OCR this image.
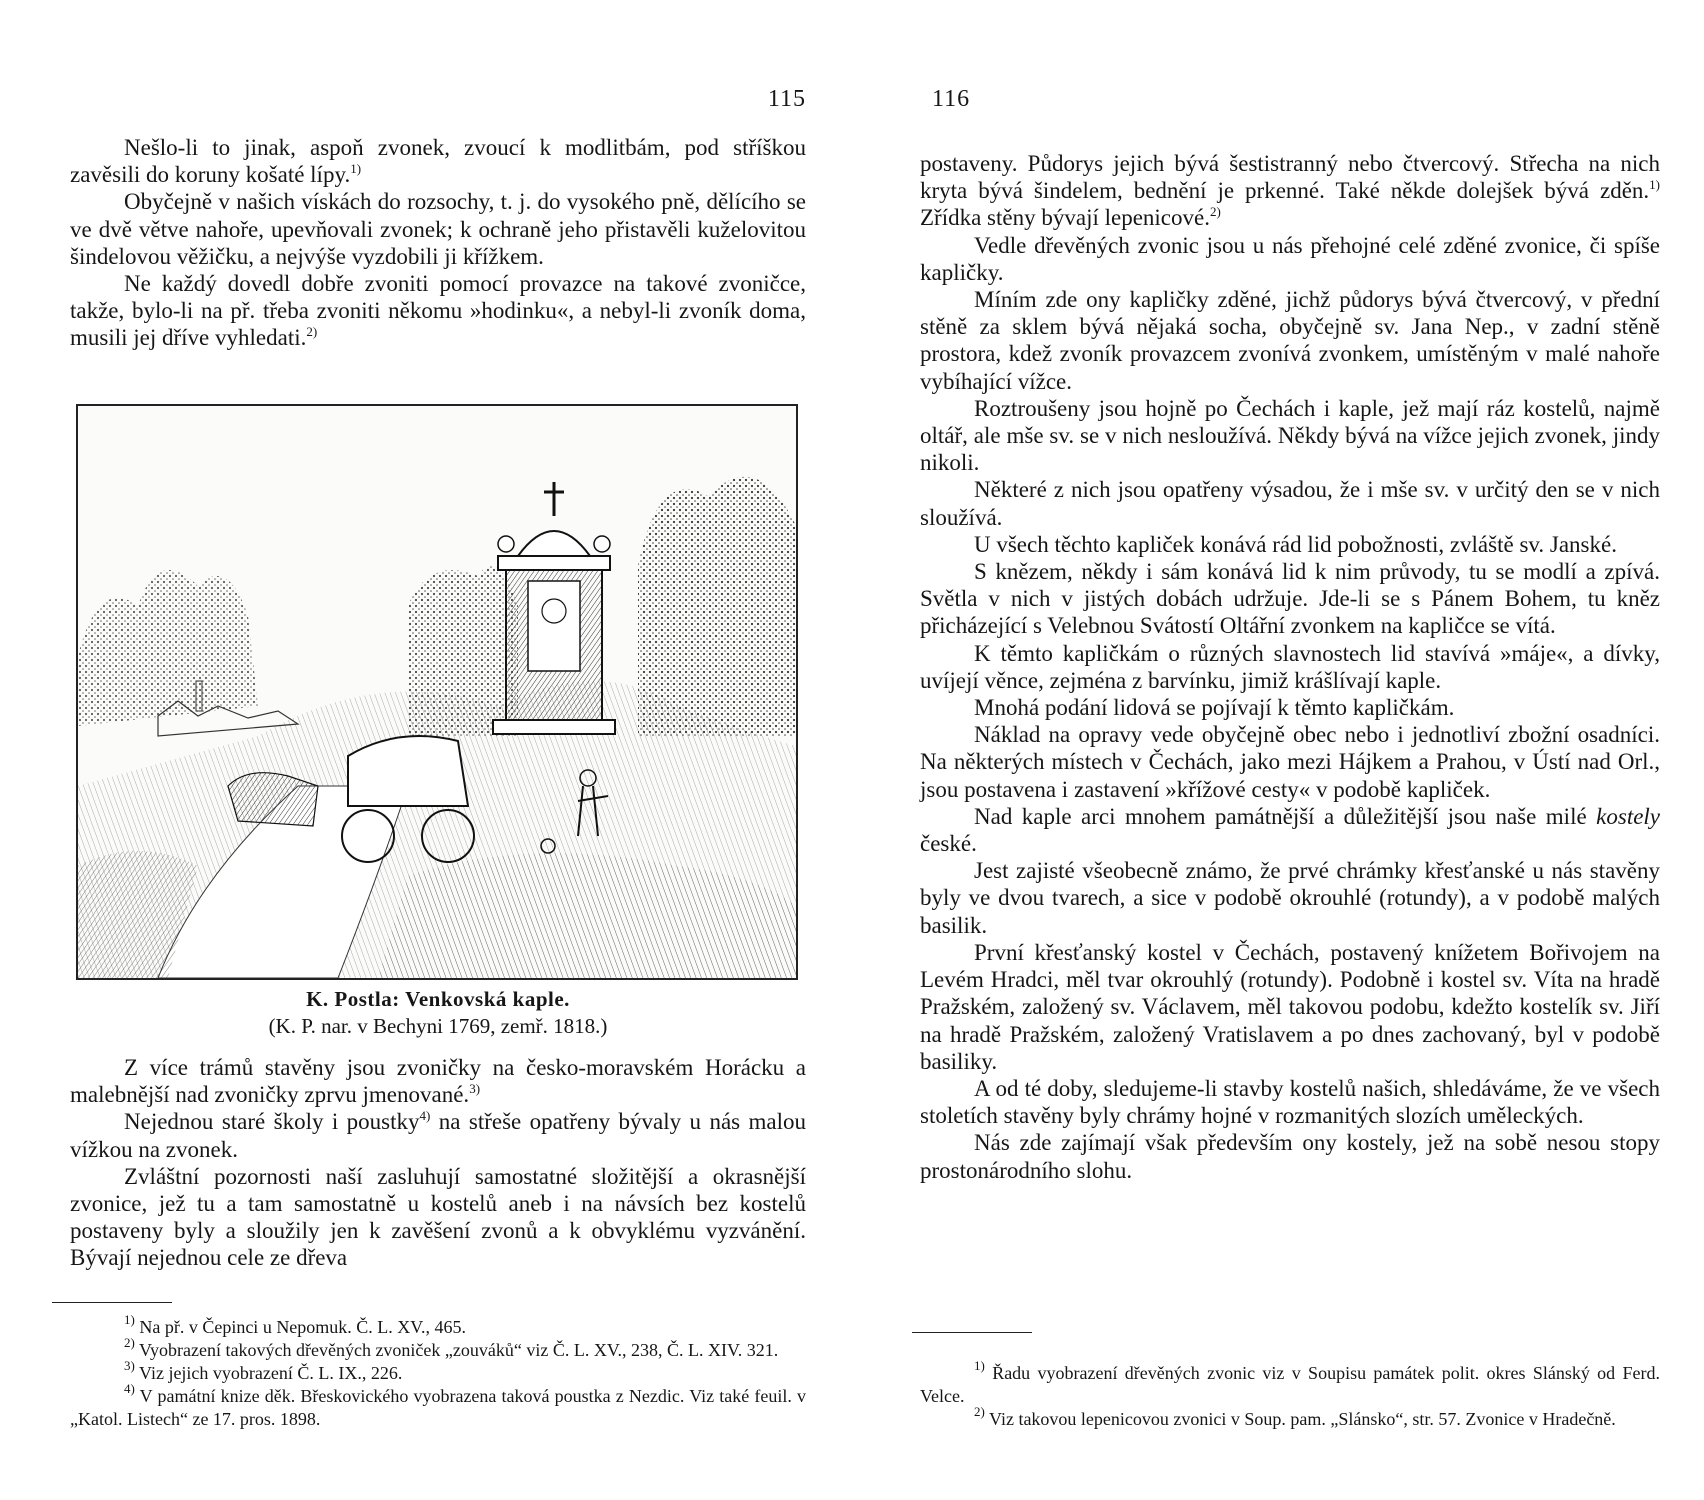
115

Nešlo-li to jinak, aspoň zvonek, zvoucí k modlitbám, pod stříškou zavěsili do koruny košaté lípy.$^{1)}$

Obyčejně v našich vískách do rozsochy, t. j. do vysokého pně, dělícího se ve dvě větve nahoře, upevňovali zvonek; k ochraně jeho přistavěli kuželovitou šindelovou věžičku, a nejvýše vyzdobili ji křížkem.

Ne každý dovedl dobře zvoniti pomocí provazce na takové zvoničce, takže, bylo-li na př. třeba zvoniti někomu »hodinku«, a nebyl-li zvoník doma, musili jej dříve vyhledati.$^{2)}$

K. Postla: Venkovská kaple.
(K. P. nar. v Bechyni 1769, zemř. 1818.)

Z více trámů stavěny jsou zvoničky na česko-moravském Horácku a malebnější nad zvoničky zprvu jmenované.$^{3)}$

Nejednou staré školy i poustky$^{4)}$ na střeše opatřeny bývaly u nás malou vížkou na zvonek.

Zvláštní pozornosti naší zasluhují samostatné složitější a okrasnější zvonice, jež tu a tam samostatně u kostelů aneb i na návsích bez kostelů postaveny byly a sloužily jen k zavěšení zvonů a k obvyklému vyzvánění. Bývají nejednou cele ze dřeva

$^{1)}$ Na př. v Čepinci u Nepomuk. Č. L. XV., 465.

$^{2)}$ Vyobrazení takových dřevěných zvoniček „zouváků“ viz Č. L. XV., 238, Č. L. XIV. 321.

$^{3)}$ Viz jejich vyobrazení Č. L. IX., 226.

$^{4)}$ V památní knize děk. Břeskovického vyobrazena taková poustka z Nezdic. Viz také feuil. v „Katol. Listech“ ze 17. pros. 1898.

116

postaveny. Půdorys jejich bývá šestistranný nebo čtvercový. Střecha na nich kryta bývá šindelem, bednění je prkenné. Také někde dolejšek bývá zděn.$^{1)}$ Zřídka stěny bývají lepenicové.$^{2)}$

Vedle dřevěných zvonic jsou u nás přehojné celé zděné zvonice, či spíše kapličky.

Míním zde ony kapličky zděné, jichž půdorys bývá čtvercový, v přední stěně za sklem bývá nějaká socha, obyčejně sv. Jana Nep., v zadní stěně prostora, kdež zvoník provazcem zvonívá zvonkem, umístěným v malé nahoře vybíhající vížce.

Roztroušeny jsou hojně po Čechách i kaple, jež mají ráz kostelů, najmě oltář, ale mše sv. se v nich nesloužívá. Někdy bývá na vížce jejich zvonek, jindy nikoli.

Některé z nich jsou opatřeny výsadou, že i mše sv. v určitý den se v nich sloužívá.

U všech těchto kapliček konává rád lid pobožnosti, zvláště sv. Janské.

S knězem, někdy i sám konává lid k nim průvody, tu se modlí a zpívá. Světla v nich v jistých dobách udržuje. Jde-li se s Pánem Bohem, tu kněz přicházející s Velebnou Svátostí Oltářní zvonkem na kapličce se vítá.

K těmto kapličkám o různých slavnostech lid stavívá »máje«, a dívky, uvíjejí věnce, zejména z barvínku, jimiž krášlívají kaple.

Mnohá podání lidová se pojívají k těmto kapličkám.

Náklad na opravy vede obyčejně obec nebo i jednotliví zbožní osadníci. Na některých místech v Čechách, jako mezi Hájkem a Prahou, v Ústí nad Orl., jsou postavena i zastavení »křížové cesty« v podobě kapliček.

Nad kaple arci mnohem památnější a důležitější jsou naše milé kostely české.

Jest zajisté všeobecně známo, že prvé chrámky křesťanské u nás stavěny byly ve dvou tvarech, a sice v podobě okrouhlé (rotundy), a v podobě malých basilik.

První křesťanský kostel v Čechách, postavený knížetem Bořivojem na Levém Hradci, měl tvar okrouhlý (rotundy). Podobně i kostel sv. Víta na hradě Pražském, založený sv. Václavem, měl takovou podobu, kdežto kostelík sv. Jiří na hradě Pražském, založený Vratislavem a po dnes zachovaný, byl v podobě basiliky.

A od té doby, sledujeme-li stavby kostelů našich, shledáváme, že ve všech stoletích stavěny byly chrámy hojné v rozmanitých slozích uměleckých.

Nás zde zajímají však především ony kostely, jež na sobě nesou stopy prostonárodního slohu.

$^{1)}$ Řadu vyobrazení dřevěných zvonic viz v Soupisu památek polit. okres Slánský od Ferd. Velce.

$^{2)}$ Viz takovou lepenicovou zvonici v Soup. pam. „Slánsko“, str. 57. Zvonice v Hradečně.
